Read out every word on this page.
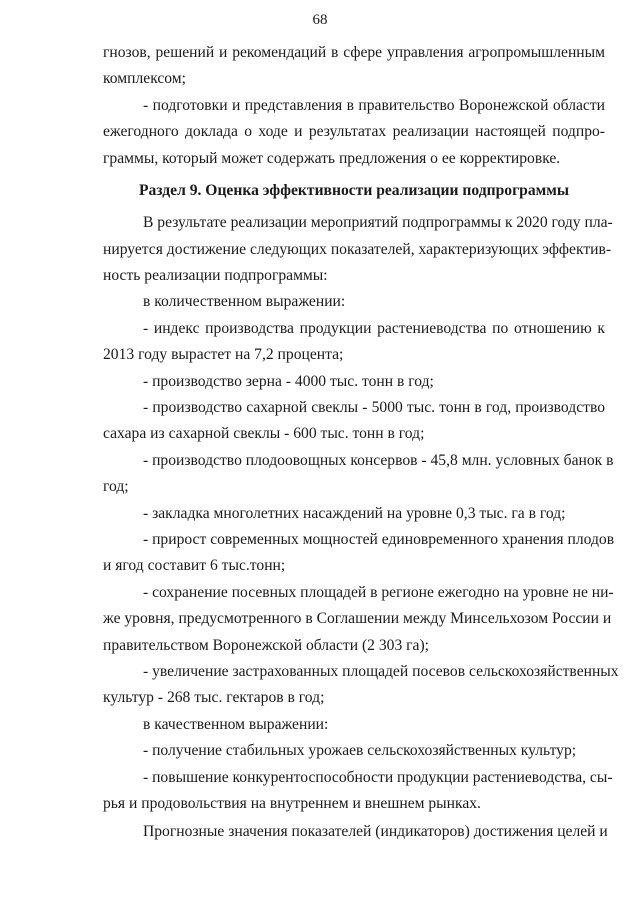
68
гнозов, решений и рекомендаций в сфере управления агропромышленным
комплексом;
- подготовки и представления в правительство Воронежской области
ежегодного доклада о ходе и результатах реализации настоящей подпро-
граммы, который может содержать предложения о ее корректировке.
Раздел 9. Оценка эффективности реализации подпрограммы
В результате реализации мероприятий подпрограммы к 2020 году пла-
нируется достижение следующих показателей, характеризующих эффектив-
ность реализации подпрограммы:
в количественном выражении:
- индекс производства продукции растениеводства по отношению к
2013 году вырастет на 7,2 процента;
- производство зерна - 4000 тыс. тонн в год;
- производство сахарной свеклы - 5000 тыс. тонн в год, производство
сахара из сахарной свеклы - 600 тыс. тонн в год;
- производство плодоовощных консервов - 45,8 млн. условных банок в
год;
- закладка многолетних насаждений на уровне 0,3 тыс. га в год;
- прирост современных мощностей единовременного хранения плодов
и ягод составит 6 тыс.тонн;
- сохранение посевных площадей в регионе ежегодно на уровне не ни-
же уровня, предусмотренного в Соглашении между Минсельхозом России и
правительством Воронежской области (2 303 га);
- увеличение застрахованных площадей посевов сельскохозяйственных
культур - 268 тыс. гектаров в год;
в качественном выражении:
- получение стабильных урожаев сельскохозяйственных культур;
- повышение конкурентоспособности продукции растениеводства, сы-
рья и продовольствия на внутреннем и внешнем рынках.
Прогнозные значения показателей (индикаторов) достижения целей и
